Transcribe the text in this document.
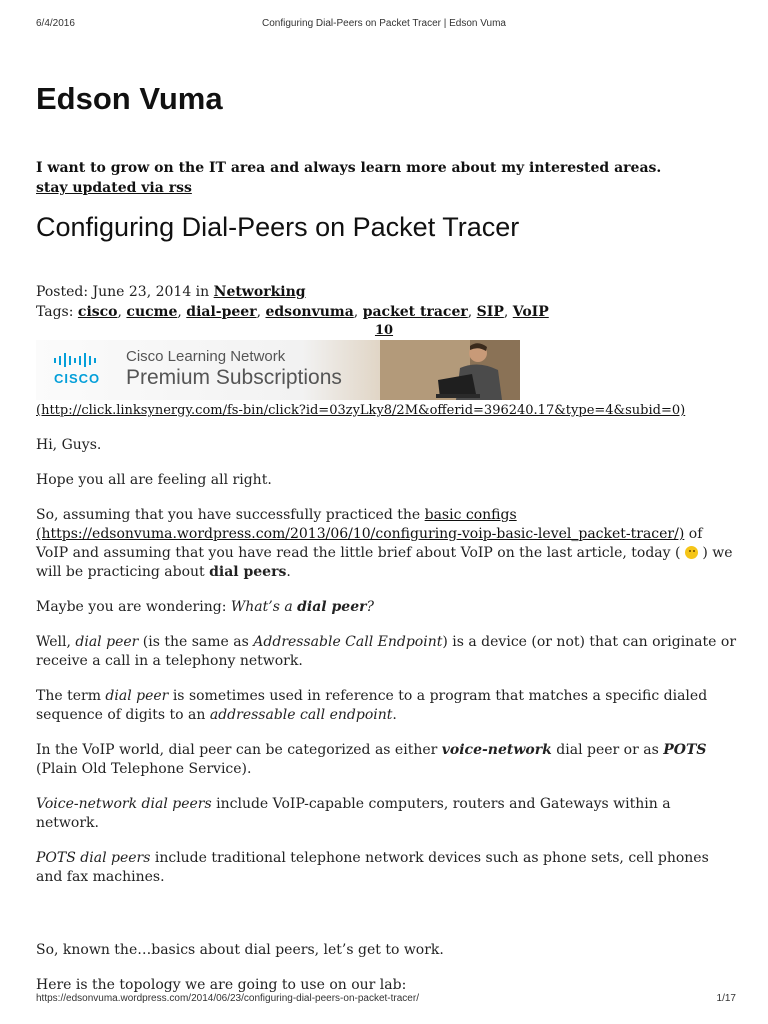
6/4/2016	Configuring Dial-Peers on Packet Tracer | Edson Vuma
Edson Vuma
I want to grow on the IT area and always learn more about my interested areas.
stay updated via rss
Configuring Dial-Peers on Packet Tracer
Posted: June 23, 2014 in Networking
Tags: cisco, cucme, dial-peer, edsonvuma, packet tracer, SIP, VoIP
10
CISCO
Cisco Learning Network
Premium Subscriptions
(http://click.linksynergy.com/fs-bin/click?id=03zyLky8/2M&offerid=396240.17&type=4&subid=0)

Hi, Guys.

Hope you all are feeling all right.

So, assuming that you have successfully practiced the basic configs (https://edsonvuma.wordpress.com/2013/06/10/configuring-voip-basic-level_packet-tracer/) of VoIP and assuming that you have read the little brief about VoIP on the last article, today ( ) we will be practicing about dial peers.

Maybe you are wondering: What’s a dial peer?

Well, dial peer (is the same as Addressable Call Endpoint) is a device (or not) that can originate or receive a call in a telephony network.

The term dial peer is sometimes used in reference to a program that matches a specific dialed sequence of digits to an addressable call endpoint.

In the VoIP world, dial peer can be categorized as either voice-network dial peer or as POTS (Plain Old Telephone Service).

Voice-network dial peers include VoIP-capable computers, routers and Gateways within a network.

POTS dial peers include traditional telephone network devices such as phone sets, cell phones and fax machines.

So, known the…basics about dial peers, let’s get to work.

Here is the topology we are going to use on our lab:

https://edsonvuma.wordpress.com/2014/06/23/configuring-dial-peers-on-packet-tracer/	1/17
